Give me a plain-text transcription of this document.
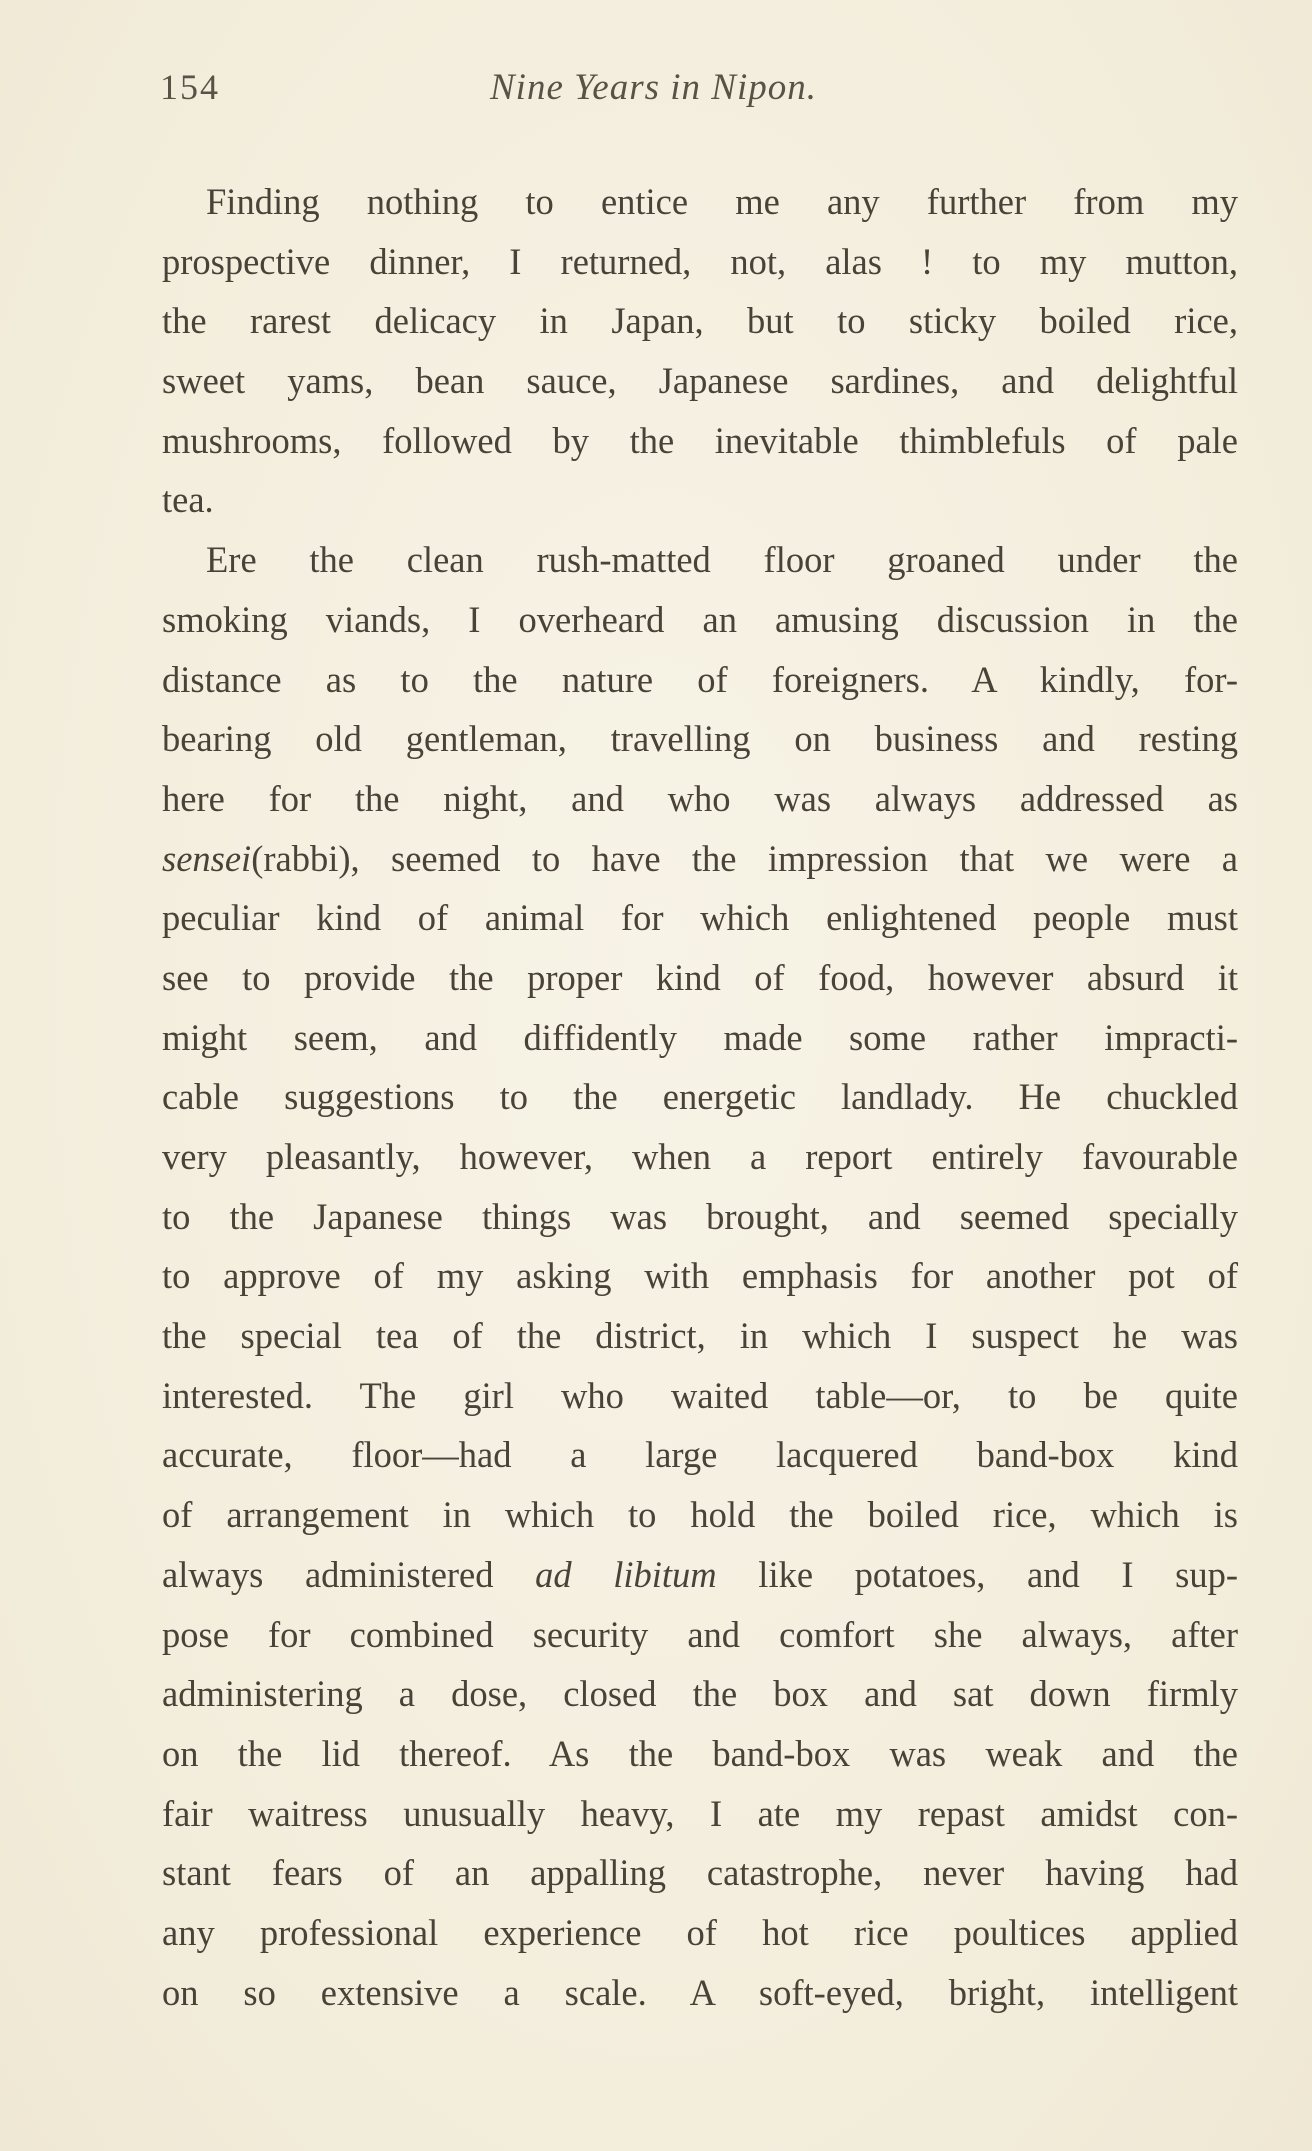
154	Nine Years in Nipon.
Finding nothing to entice me any further from my
prospective dinner, I returned, not, alas ! to my mutton,
the rarest delicacy in Japan, but to sticky boiled rice,
sweet yams, bean sauce, Japanese sardines, and delightful
mushrooms, followed by the inevitable thimblefuls of pale
tea.
Ere the clean rush-matted floor groaned under the
smoking viands, I overheard an amusing discussion in the
distance as to the nature of foreigners. A kindly, for-
bearing old gentleman, travelling on business and resting
here for the night, and who was always addressed as
sensei(rabbi), seemed to have the impression that we were a
peculiar kind of animal for which enlightened people must
see to provide the proper kind of food, however absurd it
might seem, and diffidently made some rather impracti-
cable suggestions to the energetic landlady. He chuckled
very pleasantly, however, when a report entirely favourable
to the Japanese things was brought, and seemed specially
to approve of my asking with emphasis for another pot of
the special tea of the district, in which I suspect he was
interested. The girl who waited table—or, to be quite
accurate, floor—had a large lacquered band-box kind
of arrangement in which to hold the boiled rice, which is
always administered ad libitum like potatoes, and I sup-
pose for combined security and comfort she always, after
administering a dose, closed the box and sat down firmly
on the lid thereof. As the band-box was weak and the
fair waitress unusually heavy, I ate my repast amidst con-
stant fears of an appalling catastrophe, never having had
any professional experience of hot rice poultices applied
on so extensive a scale. A soft-eyed, bright, intelligent
